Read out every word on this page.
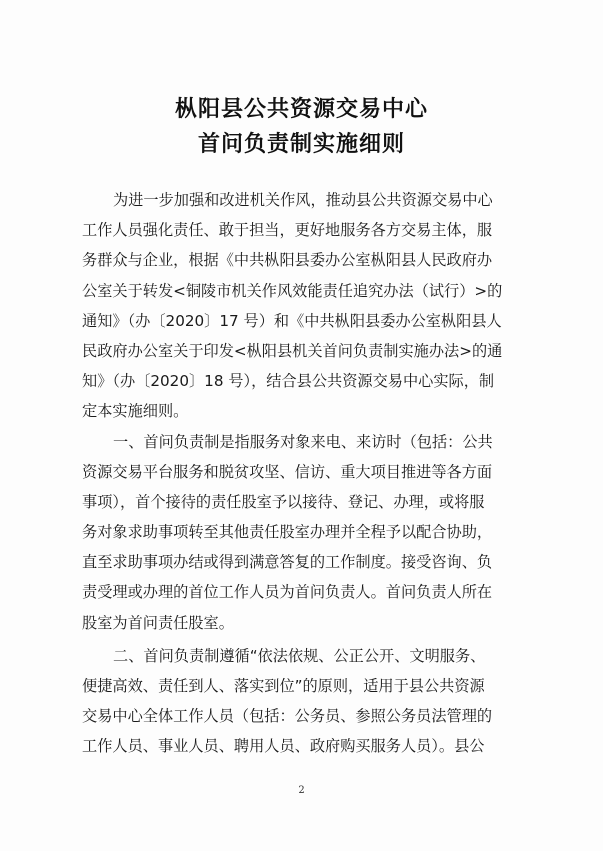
枞阳县公共资源交易中心
首问负责制实施细则
为进一步加强和改进机关作风，推动县公共资源交易中心
工作人员强化责任、敢于担当，更好地服务各方交易主体，服
务群众与企业，根据《中共枞阳县委办公室枞阳县人民政府办
公室关于转发<铜陵市机关作风效能责任追究办法（试行）>的
通知》（办〔2020〕17 号）和《中共枞阳县委办公室枞阳县人
民政府办公室关于印发<枞阳县机关首问负责制实施办法>的通
知》（办〔2020〕18 号），结合县公共资源交易中心实际，制
定本实施细则。
一、首问负责制是指服务对象来电、来访时（包括：公共
资源交易平台服务和脱贫攻坚、信访、重大项目推进等各方面
事项），首个接待的责任股室予以接待、登记、办理，或将服
务对象求助事项转至其他责任股室办理并全程予以配合协助，
直至求助事项办结或得到满意答复的工作制度。接受咨询、负
责受理或办理的首位工作人员为首问负责人。首问负责人所在
股室为首问责任股室。
二、首问负责制遵循“依法依规、公正公开、文明服务、
便捷高效、责任到人、落实到位”的原则，适用于县公共资源
交易中心全体工作人员（包括：公务员、参照公务员法管理的
工作人员、事业人员、聘用人员、政府购买服务人员）。县公
2
